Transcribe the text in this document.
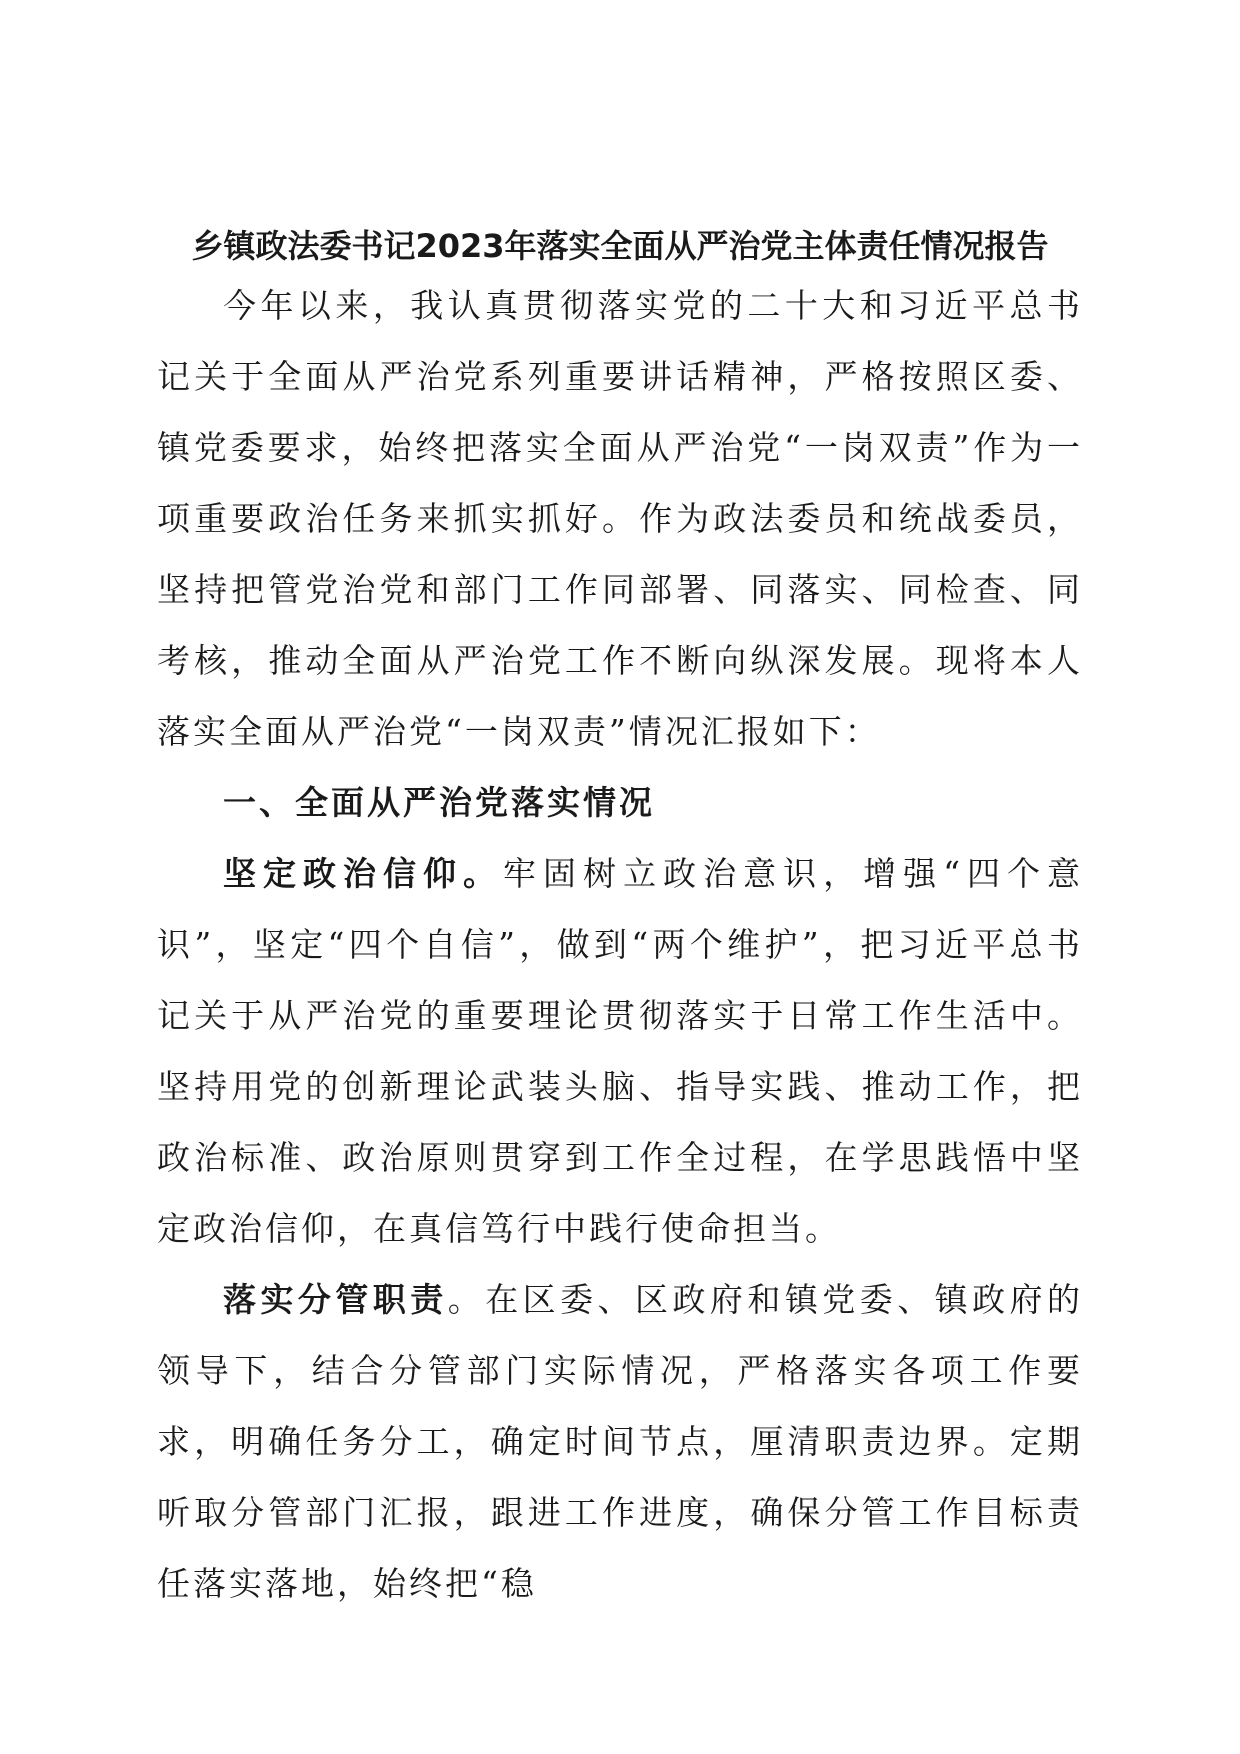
乡镇政法委书记2023年落实全面从严治党主体责任情况报告

今年以来，我认真贯彻落实党的二十大和习近平总书记关于全面从严治党系列重要讲话精神，严格按照区委、镇党委要求，始终把落实全面从严治党“一岗双责”作为一项重要政治任务来抓实抓好。作为政法委员和统战委员，坚持把管党治党和部门工作同部署、同落实、同检查、同考核，推动全面从严治党工作不断向纵深发展。现将本人落实全面从严治党“一岗双责”情况汇报如下：

一、全面从严治党落实情况

坚定政治信仰。牢固树立政治意识，增强“四个意识”，坚定“四个自信”，做到“两个维护”，把习近平总书记关于从严治党的重要理论贯彻落实于日常工作生活中。坚持用党的创新理论武装头脑、指导实践、推动工作，把政治标准、政治原则贯穿到工作全过程，在学思践悟中坚定政治信仰，在真信笃行中践行使命担当。

落实分管职责。在区委、区政府和镇党委、镇政府的领导下，结合分管部门实际情况，严格落实各项工作要求，明确任务分工，确定时间节点，厘清职责边界。定期听取分管部门汇报，跟进工作进度，确保分管工作目标责任落实落地，始终把“稳
